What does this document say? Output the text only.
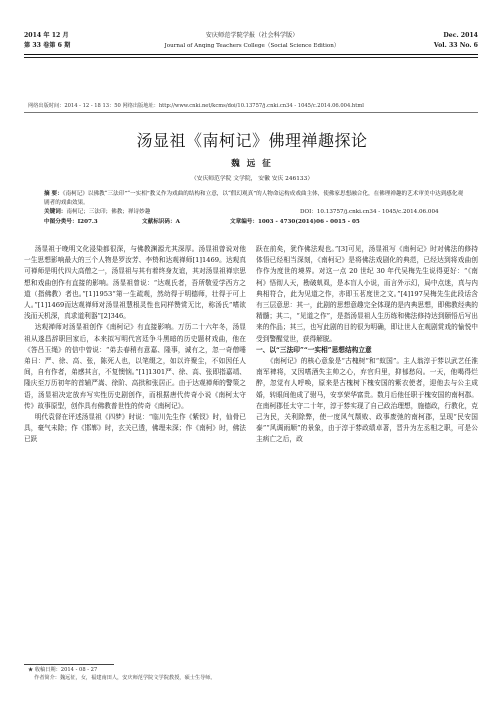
2014 年 12 月
第 33 卷第 6 期
安庆师范学院学报（社会科学版）
Journal of Anqing Teachers College（Social Science Edition）
Dec. 2014
Vol. 33 No. 6
网络出版时间：2014 - 12 - 18 13：50 网络出版地址：http://www.cnki.net/kcms/doi/10.13757/j.cnki.cn34 - 1045/c.2014.06.004.html
汤显祖《南柯记》佛理禅趣探论
魏 远 征
（安庆师范学院 文学院， 安徽 安庆 246133）
摘 要：《南柯记》以佛教“三法印”“一实相”教义作为戏曲的结构和立意，以“假幻观真”的人物命运构成戏曲主体，使佛家思想融合化，在佛理禅趣的艺术审美中达到感化观剧者的戏曲效果。
关键词：南柯记；三法印；佛教；禅诗妙趣	DOI：10.13757/j.cnki.cn34 - 1045/c.2014.06.004
中图分类号：I207.3	文献标识码：A	文章编号：1003 - 4730(2014)06 - 0015 - 05

汤显祖于晚明文化浸染都很深，与佛教渊源尤其深厚。汤显祖曾说对他一生思想影响最大的三个人物是罗汝芳、李贽和达观禅师[1]1469。达观真可禅师是明代四大高僧之一，汤显祖与其有着终身友谊，其对汤显祖禅宗思想和戏曲创作有直接的影响。汤显祖曾说：“达观氏者，吾所敬爱学西方之道（指佛教）者也。”[1]1953“第一生疏观，然幼得于明德师，壮得于可上人。”[1]1469而达观禅师对汤显祖慧根灵性也同样赞赏无比，称汤氏“嗜欲浅而天机深，真求道利器”[2]346。

达观禅师对汤显祖创作《南柯记》有直接影响。万历二十六年冬，汤显祖从遂昌辞职回家后，本来拟写明代宫廷争斗黑暗的历史题材戏曲，他在《答吕玉绳》的信中曾说：“弟去春稍有意嘉、隆事，诚有之，忽一奇僧唾弟曰：严、徐、高、张，陈死人也，以笔缀之，如以许聚尘，不如因任人间，自有作者，弟感其言，不复懊恼。”[1]1301严、徐、高、张即指嘉靖、隆庆至万历初年的首辅严嵩、徐阶、高拱和张居正。由于达观禅师的警策之语，汤显祖决定放弃写实性历史剧创作，而根据唐代传奇小说《南柯太守传》故事原型，创作具有佛教普世性的传奇《南柯记》。

明代袁督在评述汤显祖《四梦》时说：“临川先生作《紫钗》时，仙骨已具，豪气未除；作《邯郸》时，玄关已透，佛理未深；作《南柯》时，佛法已跃

跃在前矣，犹作佛法观也。”[3]可见，汤显祖写《南柯记》时对佛法的修持体悟已经相当深刻，《南柯记》是将佛法戏剧化的典范，已经达到将戏曲创作作为度世的境界。对这一点 20 世纪 30 年代吴梅先生说得更好：“《南柯》悟彻人天，勘破虮虱，是本盲人小说，而言外示幻，局中点迷，真与内典相符合，此为见道之作，亦即玉茗度世之文。”[4]197吴梅先生此段话含有三层意思：其一，此剧的思想意趣完全体现的是内典思想，即佛教经典的精髓；其二，“见道之作”，是指汤显祖人生历练和佛法修持达到颐悟后写出来的作品；其三，也写此剧的目的很为明确，即让世人在观剧赏戏的愉悦中受到警醒觉世，获得解脱。

一、以“三法印”“一实相”思想结构立意

《南柯记》的核心意象是“古槐树”和“蚁国”。主人翁淳于棼以武艺任淮南军裨将，又因嗜酒失主帅之心，弃官归里，抑郁愁闷。一天，他喝得烂醉，忽觉有人呼唤，原来是古槐树下槐安国的紫衣使者，迎他去与公主成婚，转眼间他成了驸马，安享荣华富贵。数月后他任职于槐安国的南柯郡。在南柯郡任太守二十年，淳于棼实现了自己政治理想，施德政，行教化，克己为民，关利除弊，使一度风气颓败、政事废弛的南柯郡，呈现“民安国泰”“风调雨顺”的景象，由于淳于棼政绩卓著，晋升为左丞相之职，可是公主病亡之后，政

★ 收稿日期：2014 - 08 - 27
作者简介：魏远征，女，福建南田人，安庆师范学院文学院教授，硕士生导师。
